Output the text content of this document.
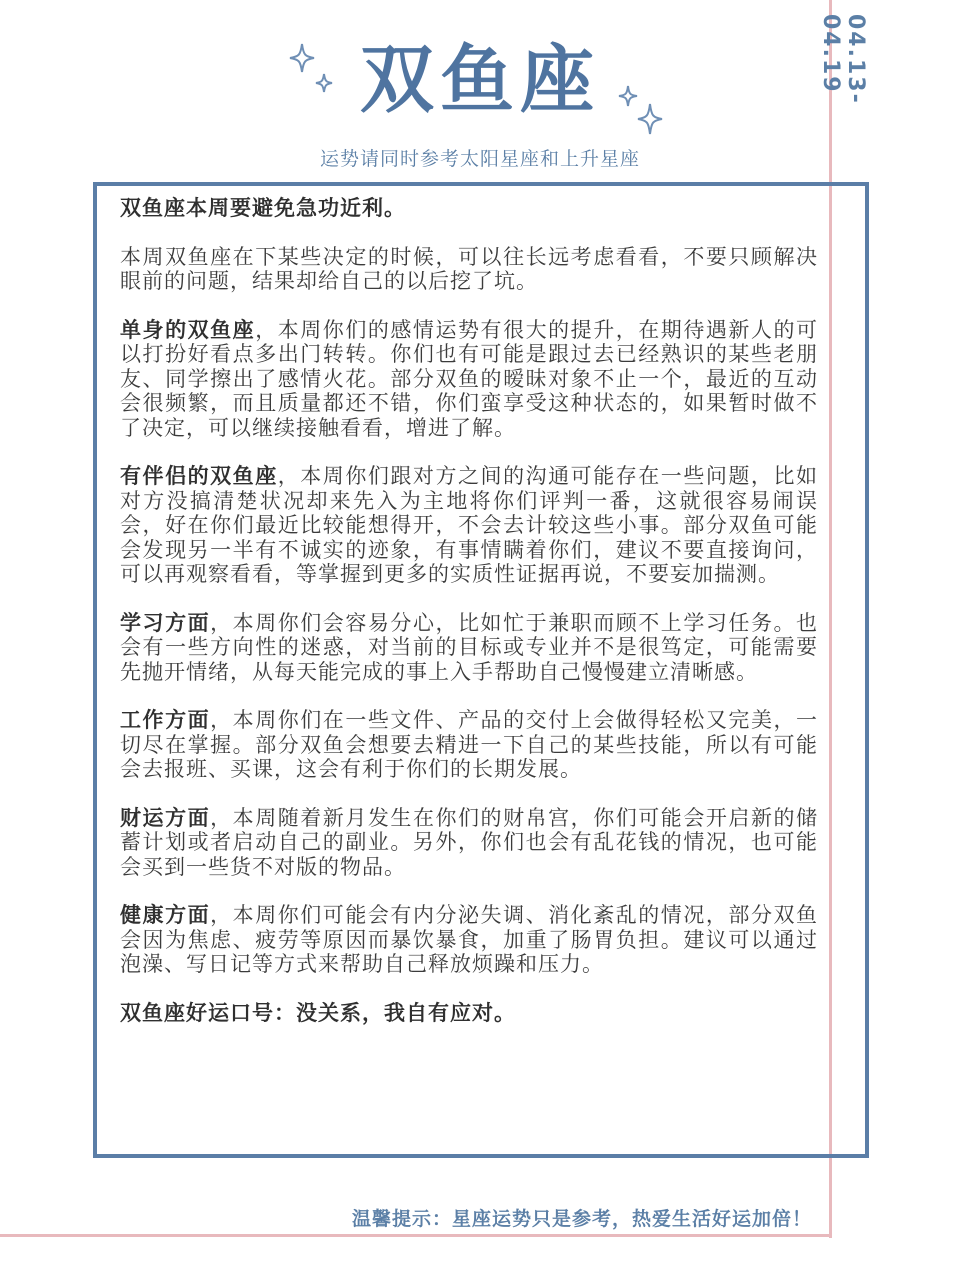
04.13-04.19
双鱼座
运势请同时参考太阳星座和上升星座

双鱼座本周要避免急功近利。

本周双鱼座在下某些决定的时候，可以往长远考虑看看，不要只顾解决眼前的问题，结果却给自己的以后挖了坑。

单身的双鱼座，本周你们的感情运势有很大的提升，在期待遇新人的可以打扮好看点多出门转转。你们也有可能是跟过去已经熟识的某些老朋友、同学擦出了感情火花。部分双鱼的暧昧对象不止一个，最近的互动会很频繁，而且质量都还不错，你们蛮享受这种状态的，如果暂时做不了决定，可以继续接触看看，增进了解。

有伴侣的双鱼座，本周你们跟对方之间的沟通可能存在一些问题，比如对方没搞清楚状况却来先入为主地将你们评判一番，这就很容易闹误会，好在你们最近比较能想得开，不会去计较这些小事。部分双鱼可能会发现另一半有不诚实的迹象，有事情瞒着你们，建议不要直接询问，可以再观察看看，等掌握到更多的实质性证据再说，不要妄加揣测。

学习方面，本周你们会容易分心，比如忙于兼职而顾不上学习任务。也会有一些方向性的迷惑，对当前的目标或专业并不是很笃定，可能需要先抛开情绪，从每天能完成的事上入手帮助自己慢慢建立清晰感。

工作方面，本周你们在一些文件、产品的交付上会做得轻松又完美，一切尽在掌握。部分双鱼会想要去精进一下自己的某些技能，所以有可能会去报班、买课，这会有利于你们的长期发展。

财运方面，本周随着新月发生在你们的财帛宫，你们可能会开启新的储蓄计划或者启动自己的副业。另外，你们也会有乱花钱的情况，也可能会买到一些货不对版的物品。

健康方面，本周你们可能会有内分泌失调、消化紊乱的情况，部分双鱼会因为焦虑、疲劳等原因而暴饮暴食，加重了肠胃负担。建议可以通过泡澡、写日记等方式来帮助自己释放烦躁和压力。

双鱼座好运口号：没关系，我自有应对。

温馨提示：星座运势只是参考，热爱生活好运加倍！
